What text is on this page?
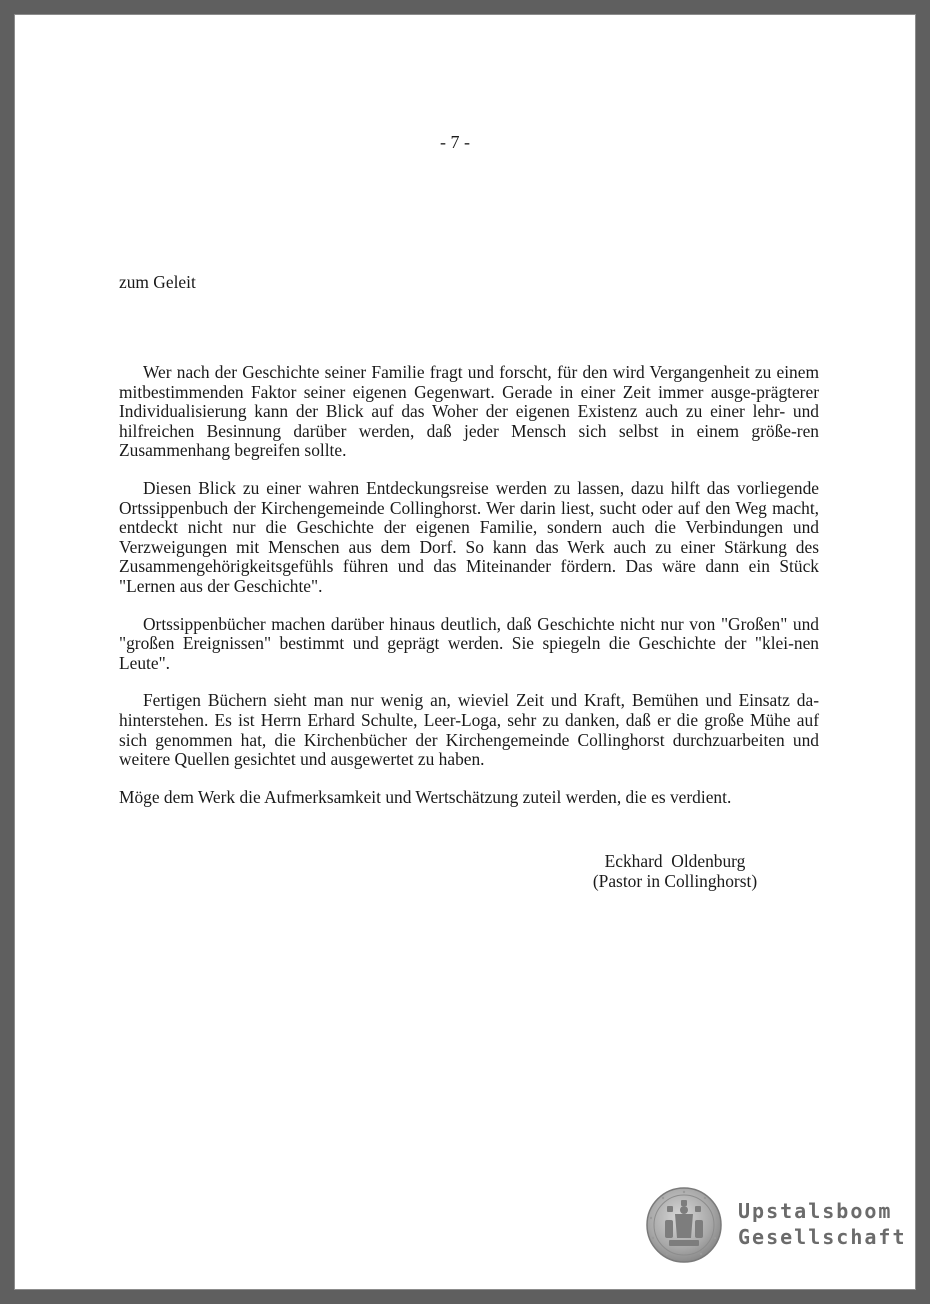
- 7 -
zum Geleit

Wer nach der Geschichte seiner Familie fragt und forscht, für den wird Vergangenheit zu einem mitbestimmenden Faktor seiner eigenen Gegenwart. Gerade in einer Zeit immer ausge-prägterer Individualisierung kann der Blick auf das Woher der eigenen Existenz auch zu einer lehr- und hilfreichen Besinnung darüber werden, daß jeder Mensch sich selbst in einem größe-ren Zusammenhang begreifen sollte.

Diesen Blick zu einer wahren Entdeckungsreise werden zu lassen, dazu hilft das vorliegende Ortssippenbuch der Kirchengemeinde Collinghorst. Wer darin liest, sucht oder auf den Weg macht, entdeckt nicht nur die Geschichte der eigenen Familie, sondern auch die Verbindungen und Verzweigungen mit Menschen aus dem Dorf. So kann das Werk auch zu einer Stärkung des Zusammengehörigkeitsgefühls führen und das Miteinander fördern. Das wäre dann ein Stück "Lernen aus der Geschichte".

Ortssippenbücher machen darüber hinaus deutlich, daß Geschichte nicht nur von "Großen" und "großen Ereignissen" bestimmt und geprägt werden. Sie spiegeln die Geschichte der "klei-nen Leute".

Fertigen Büchern sieht man nur wenig an, wieviel Zeit und Kraft, Bemühen und Einsatz da-hinterstehen. Es ist Herrn Erhard Schulte, Leer-Loga, sehr zu danken, daß er die große Mühe auf sich genommen hat, die Kirchenbücher der Kirchengemeinde Collinghorst durchzuarbeiten und weitere Quellen gesichtet und ausgewertet zu haben.

Möge dem Werk die Aufmerksamkeit und Wertschätzung zuteil werden, die es verdient.

Eckhard  Oldenburg
(Pastor in Collinghorst)
Upstalsboom
Gesellschaft
